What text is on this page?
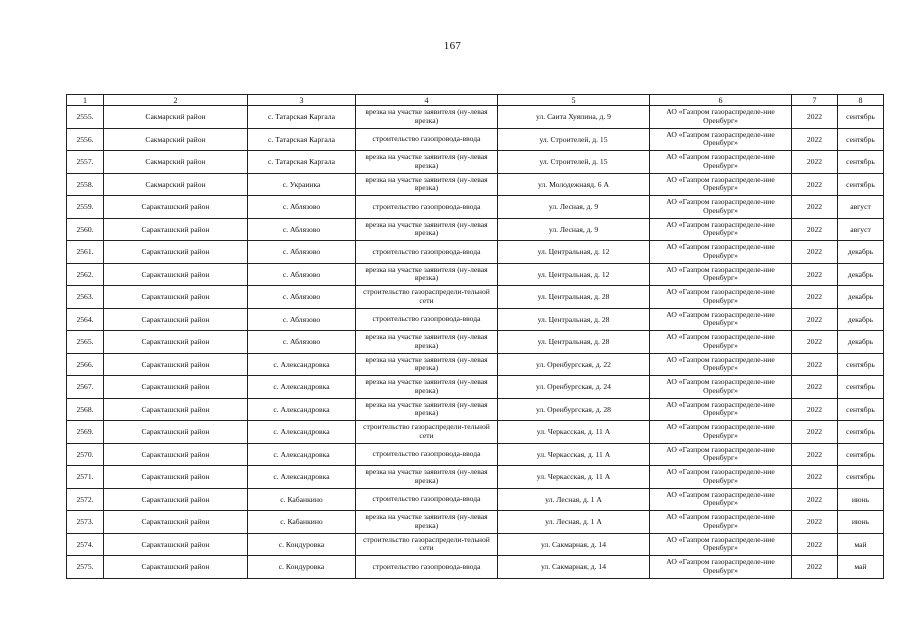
167
1	2	3	4	5	6	7	8
2555.	Сакмарский район	с. Татарская Каргала	врезка на участке заявителя (ну-левая врезка)	ул. Саита Хуяпина, д. 9	АО «Газпром газораспределе-ние Оренбург»	2022	сентябрь
2556.	Сакмарский район	с. Татарская Каргала	строительство газопровода-ввода	ул. Строителей, д. 15	АО «Газпром газораспределе-ние Оренбург»	2022	сентябрь
2557.	Сакмарский район	с. Татарская Каргала	врезка на участке заявителя (ну-левая врезка)	ул. Строителей, д. 15	АО «Газпром газораспределе-ние Оренбург»	2022	сентябрь
2558.	Сакмарский район	с. Украинка	врезка на участке заявителя (ну-левая врезка)	ул. Молодежнаяд. 6 А	АО «Газпром газораспределе-ние Оренбург»	2022	сентябрь
2559.	Саракташский район	с. Аблязово	строительство газопровода-ввода	ул. Лесная, д. 9	АО «Газпром газораспределе-ние Оренбург»	2022	август
2560.	Саракташский район	с. Аблязово	врезка на участке заявителя (ну-левая врезка)	ул. Лесная, д. 9	АО «Газпром газораспределе-ние Оренбург»	2022	август
2561.	Саракташский район	с. Аблязово	строительство газопровода-ввода	ул. Центральная, д. 12	АО «Газпром газораспределе-ние Оренбург»	2022	декабрь
2562.	Саракташский район	с. Аблязово	врезка на участке заявителя (ну-левая врезка)	ул. Центральная, д. 12	АО «Газпром газораспределе-ние Оренбург»	2022	декабрь
2563.	Саракташский район	с. Аблязово	строительство газораспредели-тельной сети	ул. Центральная, д. 28	АО «Газпром газораспределе-ние Оренбург»	2022	декабрь
2564.	Саракташский район	с. Аблязово	строительство газопровода-ввода	ул. Центральная, д. 28	АО «Газпром газораспределе-ние Оренбург»	2022	декабрь
2565.	Саракташский район	с. Аблязово	врезка на участке заявителя (ну-левая врезка)	ул. Центральная, д. 28	АО «Газпром газораспределе-ние Оренбург»	2022	декабрь
2566.	Саракташский район	с. Александровка	врезка на участке заявителя (ну-левая врезка)	ул. Оренбургская, д. 22	АО «Газпром газораспределе-ние Оренбург»	2022	сентябрь
2567.	Саракташский район	с. Александровка	врезка на участке заявителя (ну-левая врезка)	ул. Оренбургская, д. 24	АО «Газпром газораспределе-ние Оренбург»	2022	сентябрь
2568.	Саракташский район	с. Александровка	врезка на участке заявителя (ну-левая врезка)	ул. Оренбургская, д. 28	АО «Газпром газораспределе-ние Оренбург»	2022	сентябрь
2569.	Саракташский район	с. Александровка	строительство газораспредели-тельной сети	ул. Черкасская, д. 11 А	АО «Газпром газораспределе-ние Оренбург»	2022	сентябрь
2570.	Саракташский район	с. Александровка	строительство газопровода-ввода	ул. Черкасская, д. 11 А	АО «Газпром газораспределе-ние Оренбург»	2022	сентябрь
2571.	Саракташский район	с. Александровка	врезка на участке заявителя (ну-левая врезка)	ул. Черкасская, д. 11 А	АО «Газпром газораспределе-ние Оренбург»	2022	сентябрь
2572.	Саракташский район	с. Кабанкино	строительство газопровода-ввода	ул. Лесная, д. 1 А	АО «Газпром газораспределе-ние Оренбург»	2022	июнь
2573.	Саракташский район	с. Кабанкино	врезка на участке заявителя (ну-левая врезка)	ул. Лесная, д. 1 А	АО «Газпром газораспределе-ние Оренбург»	2022	июнь
2574.	Саракташский район	с. Кондуровка	строительство газораспредели-тельной сети	ул. Сакмарная, д. 14	АО «Газпром газораспределе-ние Оренбург»	2022	май
2575.	Саракташский район	с. Кондуровка	строительство газопровода-ввода	ул. Сакмарная, д. 14	АО «Газпром газораспределе-ние Оренбург»	2022	май
